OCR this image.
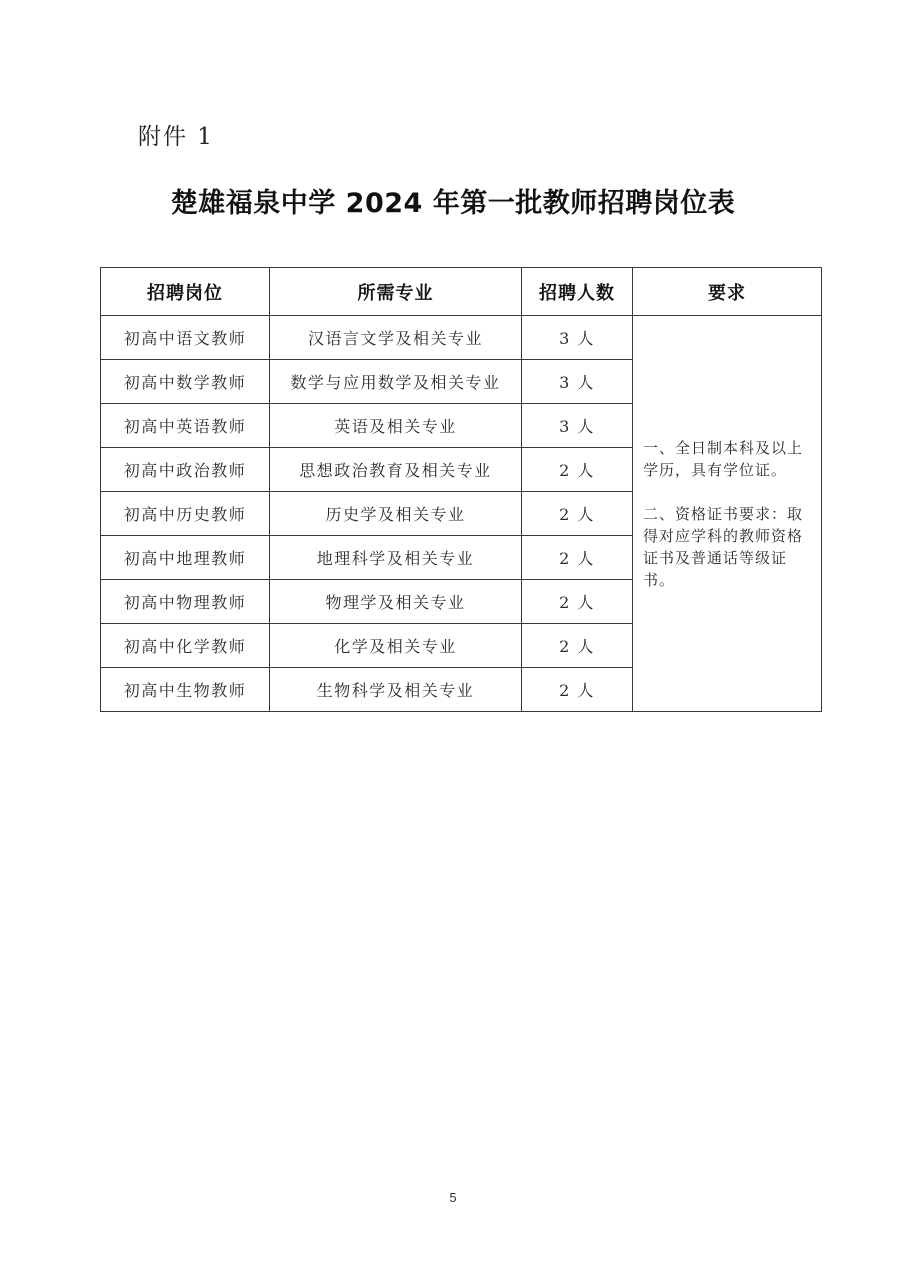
附件 1
楚雄福泉中学 2024 年第一批教师招聘岗位表
招聘岗位	所需专业	招聘人数	要求
初高中语文教师	汉语言文学及相关专业	3 人	一、全日制本科及以上学历，具有学位证。
二、资格证书要求：取得对应学科的教师资格证书及普通话等级证书。

初高中数学教师	数学与应用数学及相关专业	3 人	
初高中英语教师	英语及相关专业	3 人	
初高中政治教师	思想政治教育及相关专业	2 人	
初高中历史教师	历史学及相关专业	2 人	
初高中地理教师	地理科学及相关专业	2 人	
初高中物理教师	物理学及相关专业	2 人	
初高中化学教师	化学及相关专业	2 人	
初高中生物教师	生物科学及相关专业	2 人	
5
